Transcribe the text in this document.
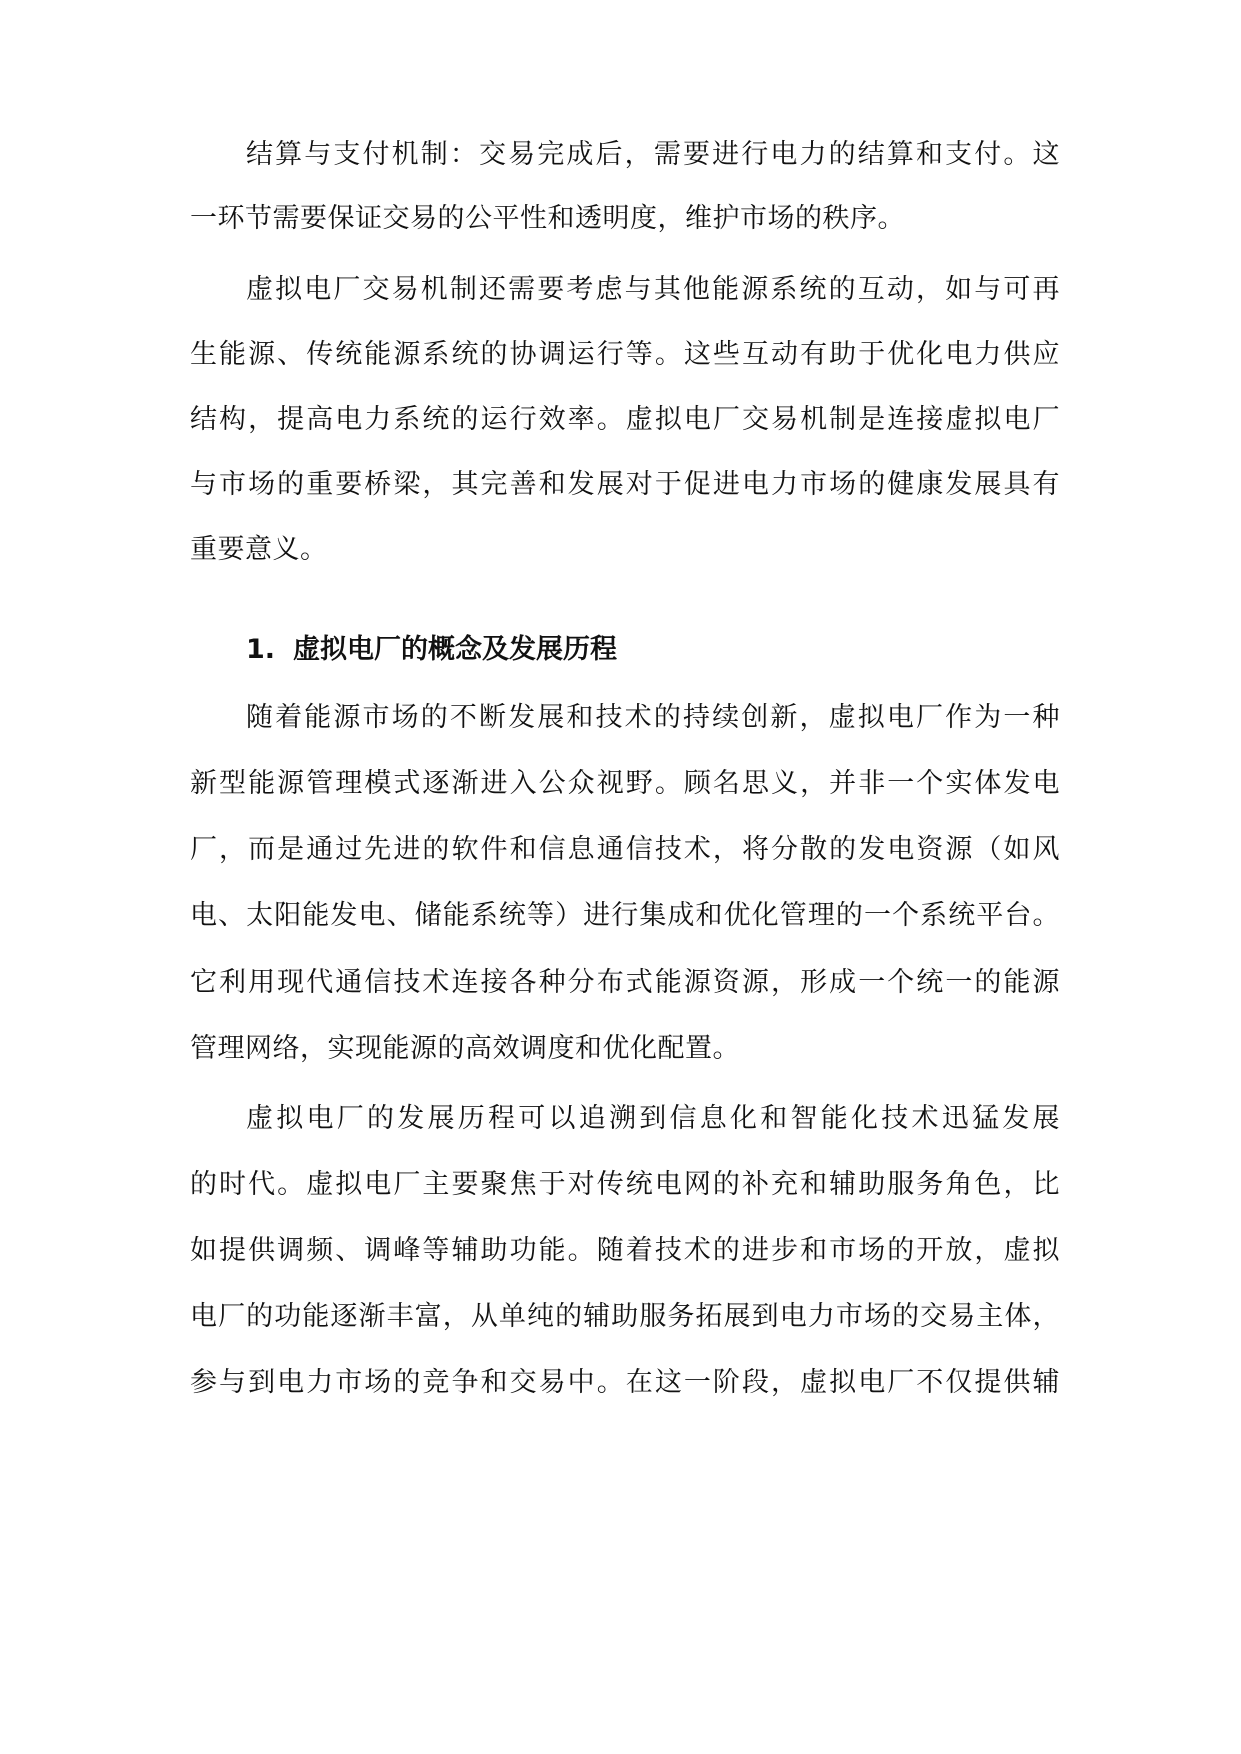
结算与支付机制：交易完成后，需要进行电力的结算和支付。这
一环节需要保证交易的公平性和透明度，维护市场的秩序。
虚拟电厂交易机制还需要考虑与其他能源系统的互动，如与可再
生能源、传统能源系统的协调运行等。这些互动有助于优化电力供应
结构，提高电力系统的运行效率。虚拟电厂交易机制是连接虚拟电厂
与市场的重要桥梁，其完善和发展对于促进电力市场的健康发展具有
重要意义。
1. 虚拟电厂的概念及发展历程
随着能源市场的不断发展和技术的持续创新，虚拟电厂作为一种
新型能源管理模式逐渐进入公众视野。顾名思义，并非一个实体发电
厂，而是通过先进的软件和信息通信技术，将分散的发电资源（如风
电、太阳能发电、储能系统等）进行集成和优化管理的一个系统平台。
它利用现代通信技术连接各种分布式能源资源，形成一个统一的能源
管理网络，实现能源的高效调度和优化配置。
虚拟电厂的发展历程可以追溯到信息化和智能化技术迅猛发展
的时代。虚拟电厂主要聚焦于对传统电网的补充和辅助服务角色，比
如提供调频、调峰等辅助功能。随着技术的进步和市场的开放，虚拟
电厂的功能逐渐丰富，从单纯的辅助服务拓展到电力市场的交易主体，
参与到电力市场的竞争和交易中。在这一阶段，虚拟电厂不仅提供辅
